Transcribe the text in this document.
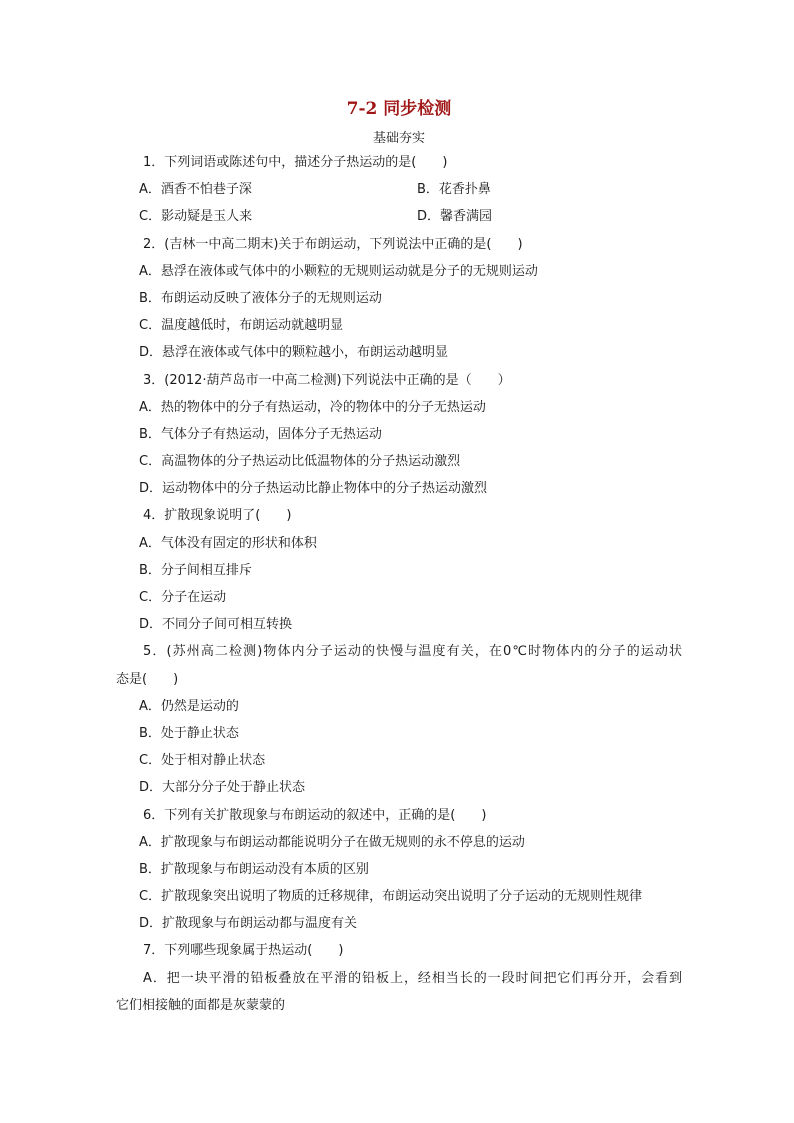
7-2 同步检测
基础夯实
1．下列词语或陈述句中，描述分子热运动的是(　　)
A．酒香不怕巷子深	B．花香扑鼻
C．影动疑是玉人来	D．馨香满园
2．(吉林一中高二期末)关于布朗运动，下列说法中正确的是(　　)
A．悬浮在液体或气体中的小颗粒的无规则运动就是分子的无规则运动
B．布朗运动反映了液体分子的无规则运动
C．温度越低时，布朗运动就越明显
D．悬浮在液体或气体中的颗粒越小，布朗运动越明显
3．(2012·葫芦岛市一中高二检测)下列说法中正确的是（　　）
A．热的物体中的分子有热运动，冷的物体中的分子无热运动
B．气体分子有热运动，固体分子无热运动
C．高温物体的分子热运动比低温物体的分子热运动激烈
D．运动物体中的分子热运动比静止物体中的分子热运动激烈
4．扩散现象说明了(　　)
A．气体没有固定的形状和体积
B．分子间相互排斥
C．分子在运动
D．不同分子间可相互转换
5．(苏州高二检测)物体内分子运动的快慢与温度有关，在0℃时物体内的分子的运动状
态是(　　)
A．仍然是运动的
B．处于静止状态
C．处于相对静止状态
D．大部分分子处于静止状态
6．下列有关扩散现象与布朗运动的叙述中，正确的是(　　)
A．扩散现象与布朗运动都能说明分子在做无规则的永不停息的运动
B．扩散现象与布朗运动没有本质的区别
C．扩散现象突出说明了物质的迁移规律，布朗运动突出说明了分子运动的无规则性规律
D．扩散现象与布朗运动都与温度有关
7．下列哪些现象属于热运动(　　)
A．把一块平滑的铅板叠放在平滑的铅板上，经相当长的一段时间把它们再分开，会看到
它们相接触的面都是灰蒙蒙的
